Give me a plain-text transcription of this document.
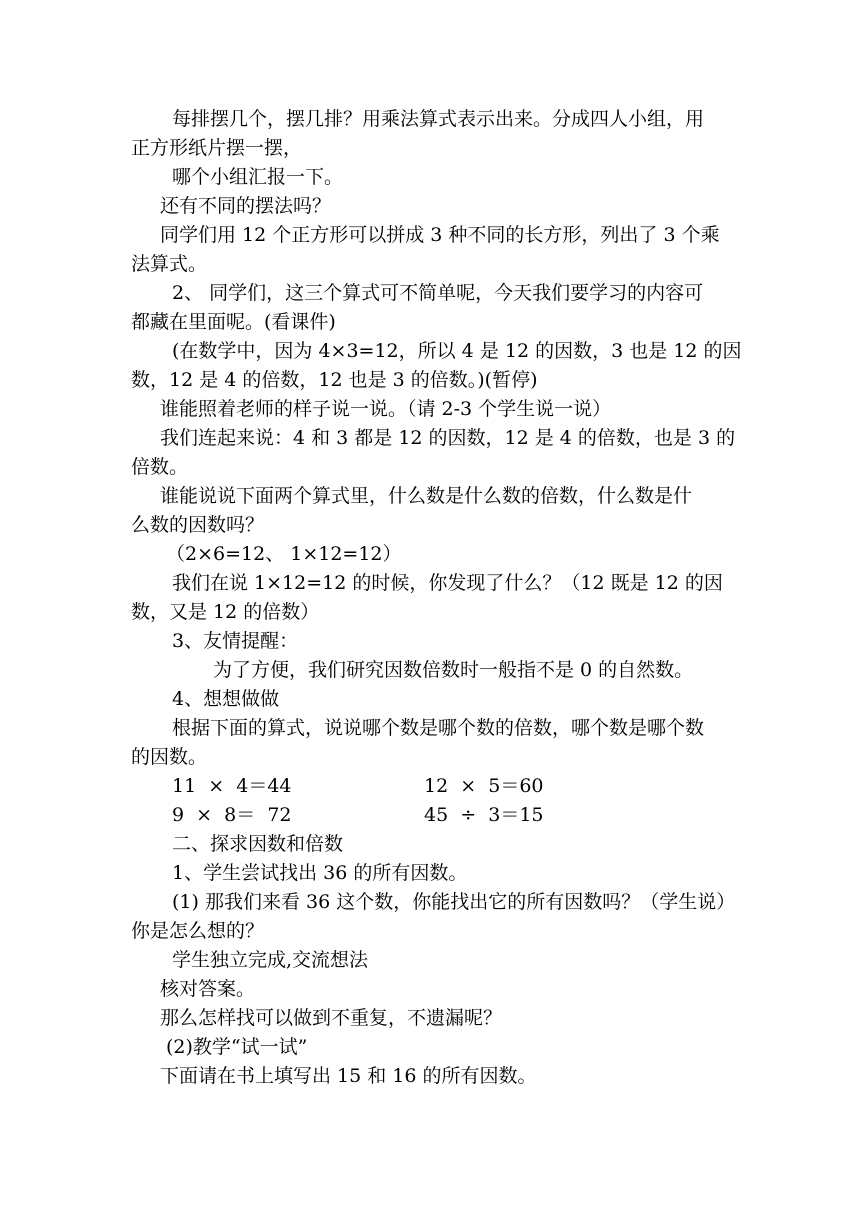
每排摆几个，摆几排？用乘法算式表示出来。分成四人小组，用
正方形纸片摆一摆，
哪个小组汇报一下。
还有不同的摆法吗？
同学们用 12 个正方形可以拼成 3 种不同的长方形，列出了 3 个乘
法算式。
2、 同学们，这三个算式可不简单呢，今天我们要学习的内容可
都藏在里面呢。(看课件)
(在数学中，因为 4×3=12，所以 4 是 12 的因数，3 也是 12 的因
数，12 是 4 的倍数，12 也是 3 的倍数。)(暂停)
谁能照着老师的样子说一说。（请 2-3 个学生说一说）
我们连起来说：4 和 3 都是 12 的因数，12 是 4 的倍数，也是 3 的
倍数。
谁能说说下面两个算式里，什么数是什么数的倍数，什么数是什
么数的因数吗？
（2×6=12、 1×12=12）
我们在说 1×12=12 的时候，你发现了什么？（12 既是 12 的因
数，又是 12 的倍数）
3、友情提醒：
为了方便，我们研究因数倍数时一般指不是 0 的自然数。
4、想想做做
根据下面的算式，说说哪个数是哪个数的倍数，哪个数是哪个数
的因数。
11  ×  4＝44	12  ×  5＝60
9  ×  8＝  72	45  ÷  3＝15
二、探求因数和倍数
1、学生尝试找出 36 的所有因数。
(1) 那我们来看 36 这个数，你能找出它的所有因数吗？（学生说）
你是怎么想的？
学生独立完成,交流想法
核对答案。
那么怎样找可以做到不重复，不遗漏呢？
(2)教学“试一试”
下面请在书上填写出 15 和 16 的所有因数。
